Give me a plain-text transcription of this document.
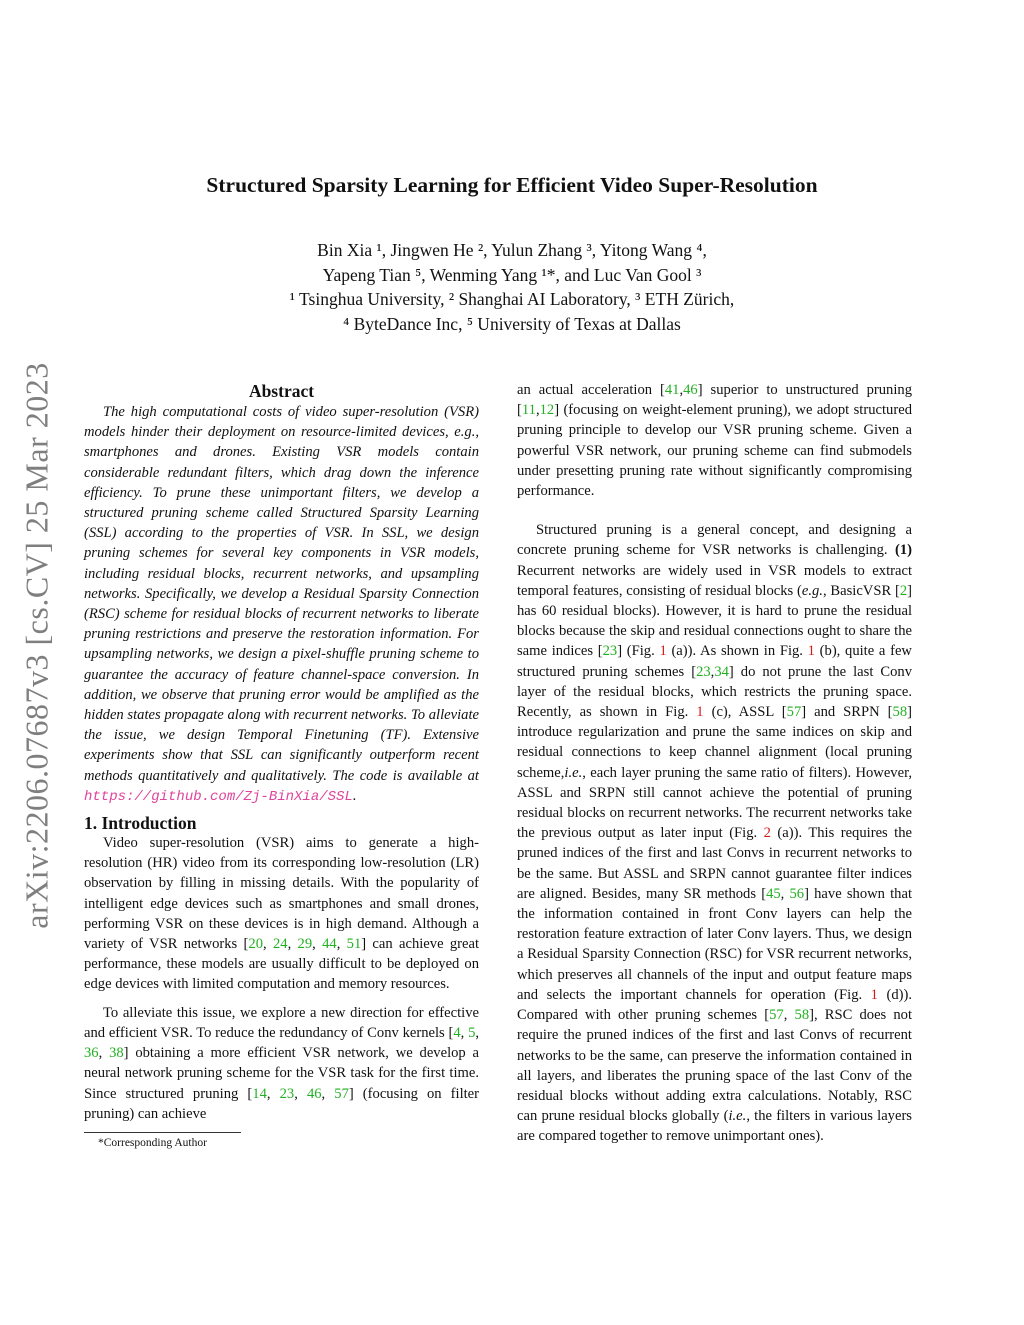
arXiv:2206.07687v3 [cs.CV] 25 Mar 2023
Structured Sparsity Learning for Efficient Video Super-Resolution
Bin Xia ¹, Jingwen He ², Yulun Zhang ³, Yitong Wang ⁴,
Yapeng Tian ⁵, Wenming Yang ¹*, and Luc Van Gool ³
¹ Tsinghua University, ² Shanghai AI Laboratory, ³ ETH Zürich,
⁴ ByteDance Inc, ⁵ University of Texas at Dallas
Abstract

The high computational costs of video super-resolution (VSR) models hinder their deployment on resource-limited devices, e.g., smartphones and drones. Existing VSR models contain considerable redundant filters, which drag down the inference efficiency. To prune these unimportant filters, we develop a structured pruning scheme called Structured Sparsity Learning (SSL) according to the properties of VSR. In SSL, we design pruning schemes for several key components in VSR models, including residual blocks, recurrent networks, and upsampling networks. Specifically, we develop a Residual Sparsity Connection (RSC) scheme for residual blocks of recurrent networks to liberate pruning restrictions and preserve the restoration information. For upsampling networks, we design a pixel-shuffle pruning scheme to guarantee the accuracy of feature channel-space conversion. In addition, we observe that pruning error would be amplified as the hidden states propagate along with recurrent networks. To alleviate the issue, we design Temporal Finetuning (TF). Extensive experiments show that SSL can significantly outperform recent methods quantitatively and qualitatively. The code is available at https://github.com/Zj-BinXia/SSL.

1. Introduction

Video super-resolution (VSR) aims to generate a high-resolution (HR) video from its corresponding low-resolution (LR) observation by filling in missing details. With the popularity of intelligent edge devices such as smartphones and small drones, performing VSR on these devices is in high demand. Although a variety of VSR networks [20, 24, 29, 44, 51] can achieve great performance, these models are usually difficult to be deployed on edge devices with limited computation and memory resources.

To alleviate this issue, we explore a new direction for effective and efficient VSR. To reduce the redundancy of Conv kernels [4, 5, 36, 38] obtaining a more efficient VSR network, we develop a neural network pruning scheme for the VSR task for the first time. Since structured pruning [14, 23, 46, 57] (focusing on filter pruning) can achieve

*Corresponding Author

an actual acceleration [41,46] superior to unstructured pruning [11,12] (focusing on weight-element pruning), we adopt structured pruning principle to develop our VSR pruning scheme. Given a powerful VSR network, our pruning scheme can find submodels under presetting pruning rate without significantly compromising performance.

Structured pruning is a general concept, and designing a concrete pruning scheme for VSR networks is challenging. (1) Recurrent networks are widely used in VSR models to extract temporal features, consisting of residual blocks (e.g., BasicVSR [2] has 60 residual blocks). However, it is hard to prune the residual blocks because the skip and residual connections ought to share the same indices [23] (Fig. 1 (a)). As shown in Fig. 1 (b), quite a few structured pruning schemes [23,34] do not prune the last Conv layer of the residual blocks, which restricts the pruning space. Recently, as shown in Fig. 1 (c), ASSL [57] and SRPN [58] introduce regularization and prune the same indices on skip and residual connections to keep channel alignment (local pruning scheme,i.e., each layer pruning the same ratio of filters). However, ASSL and SRPN still cannot achieve the potential of pruning residual blocks on recurrent networks. The recurrent networks take the previous output as later input (Fig. 2 (a)). This requires the pruned indices of the first and last Convs in recurrent networks to be the same. But ASSL and SRPN cannot guarantee filter indices are aligned. Besides, many SR methods [45, 56] have shown that the information contained in front Conv layers can help the restoration feature extraction of later Conv layers. Thus, we design a Residual Sparsity Connection (RSC) for VSR recurrent networks, which preserves all channels of the input and output feature maps and selects the important channels for operation (Fig. 1 (d)). Compared with other pruning schemes [57, 58], RSC does not require the pruned indices of the first and last Convs of recurrent networks to be the same, can preserve the information contained in all layers, and liberates the pruning space of the last Conv of the residual blocks without adding extra calculations. Notably, RSC can prune residual blocks globally (i.e., the filters in various layers are compared together to remove unimportant ones).
